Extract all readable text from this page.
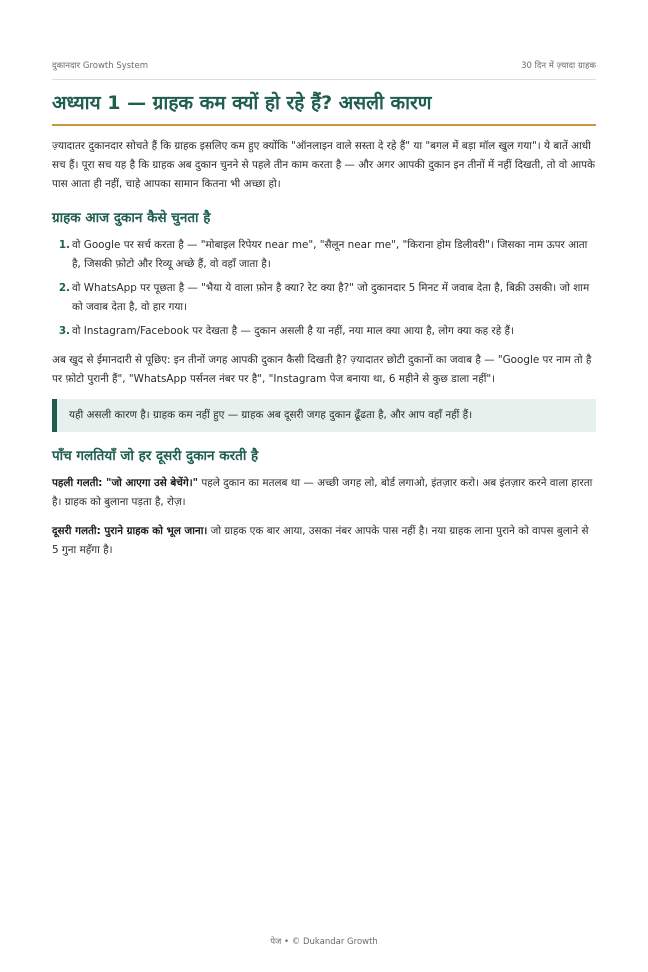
दुकानदार Growth System	30 दिन में ज़्यादा ग्राहक
अध्याय 1 — ग्राहक कम क्यों हो रहे हैं? असली कारण

ज़्यादातर दुकानदार सोचते हैं कि ग्राहक इसलिए कम हुए क्योंकि "ऑनलाइन वाले सस्ता दे रहे हैं" या "बगल में बड़ा मॉल खुल गया"। ये बातें आधी सच हैं। पूरा सच यह है कि ग्राहक अब दुकान चुनने से पहले तीन काम करता है — और अगर आपकी दुकान इन तीनों में नहीं दिखती, तो वो आपके पास आता ही नहीं, चाहे आपका सामान कितना भी अच्छा हो।

ग्राहक आज दुकान कैसे चुनता है
1. वो Google पर सर्च करता है — "मोबाइल रिपेयर near me", "सैलून near me", "किराना होम डिलीवरी"। जिसका नाम ऊपर आता है, जिसकी फ़ोटो और रिव्यू अच्छे हैं, वो वहाँ जाता है।
2. वो WhatsApp पर पूछता है — "भैया ये वाला फ़ोन है क्या? रेट क्या है?" जो दुकानदार 5 मिनट में जवाब देता है, बिक्री उसकी। जो शाम को जवाब देता है, वो हार गया।
3. वो Instagram/Facebook पर देखता है — दुकान असली है या नहीं, नया माल क्या आया है, लोग क्या कह रहे हैं।

अब खुद से ईमानदारी से पूछिए: इन तीनों जगह आपकी दुकान कैसी दिखती है? ज़्यादातर छोटी दुकानों का जवाब है — "Google पर नाम तो है पर फ़ोटो पुरानी हैं", "WhatsApp पर्सनल नंबर पर है", "Instagram पेज बनाया था, 6 महीने से कुछ डाला नहीं"।

यही असली कारण है। ग्राहक कम नहीं हुए — ग्राहक अब दूसरी जगह दुकान ढूँढता है, और आप वहाँ नहीं हैं।
पाँच गलतियाँ जो हर दूसरी दुकान करती है

पहली गलती: "जो आएगा उसे बेचेंगे।" पहले दुकान का मतलब था — अच्छी जगह लो, बोर्ड लगाओ, इंतज़ार करो। अब इंतज़ार करने वाला हारता है। ग्राहक को बुलाना पड़ता है, रोज़।

दूसरी गलती: पुराने ग्राहक को भूल जाना। जो ग्राहक एक बार आया, उसका नंबर आपके पास नहीं है। नया ग्राहक लाना पुराने को वापस बुलाने से 5 गुना महँगा है।

पेज • © Dukandar Growth
